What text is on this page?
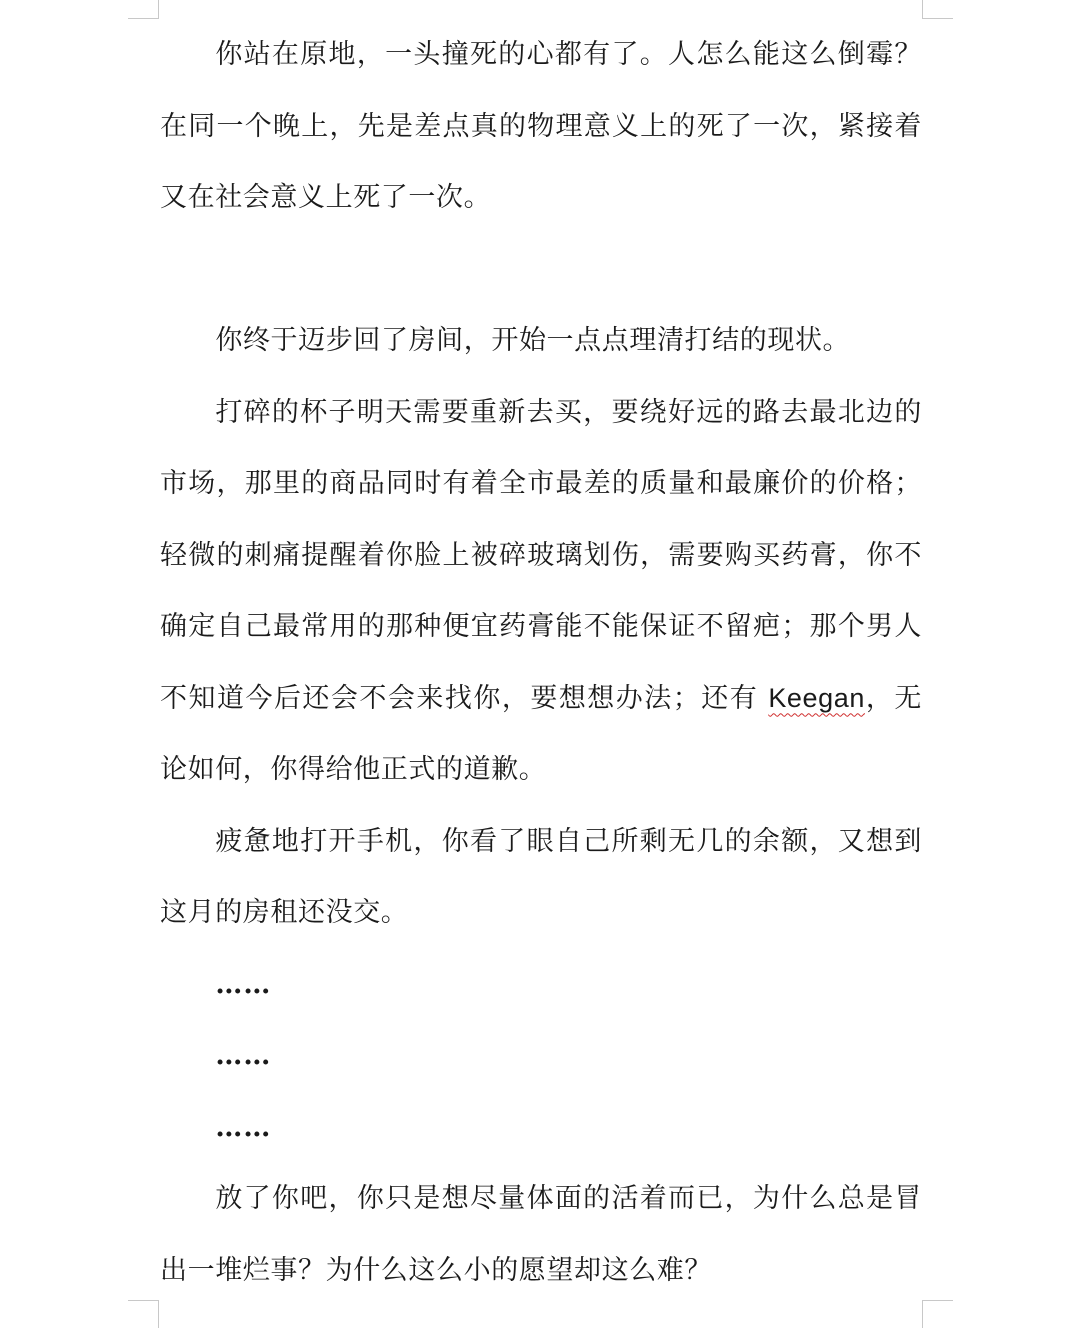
你站在原地，一头撞死的心都有了。人怎么能这么倒霉？在同一个晚上，先是差点真的物理意义上的死了一次，紧接着又在社会意义上死了一次。

你终于迈步回了房间，开始一点点理清打结的现状。

打碎的杯子明天需要重新去买，要绕好远的路去最北边的市场，那里的商品同时有着全市最差的质量和最廉价的价格；轻微的刺痛提醒着你脸上被碎玻璃划伤，需要购买药膏，你不确定自己最常用的那种便宜药膏能不能保证不留疤；那个男人不知道今后还会不会来找你，要想想办法；还有 Keegan，无论如何，你得给他正式的道歉。

疲惫地打开手机，你看了眼自己所剩无几的余额，又想到这月的房租还没交。

……

……

……

放了你吧，你只是想尽量体面的活着而已，为什么总是冒出一堆烂事？为什么这么小的愿望却这么难？
